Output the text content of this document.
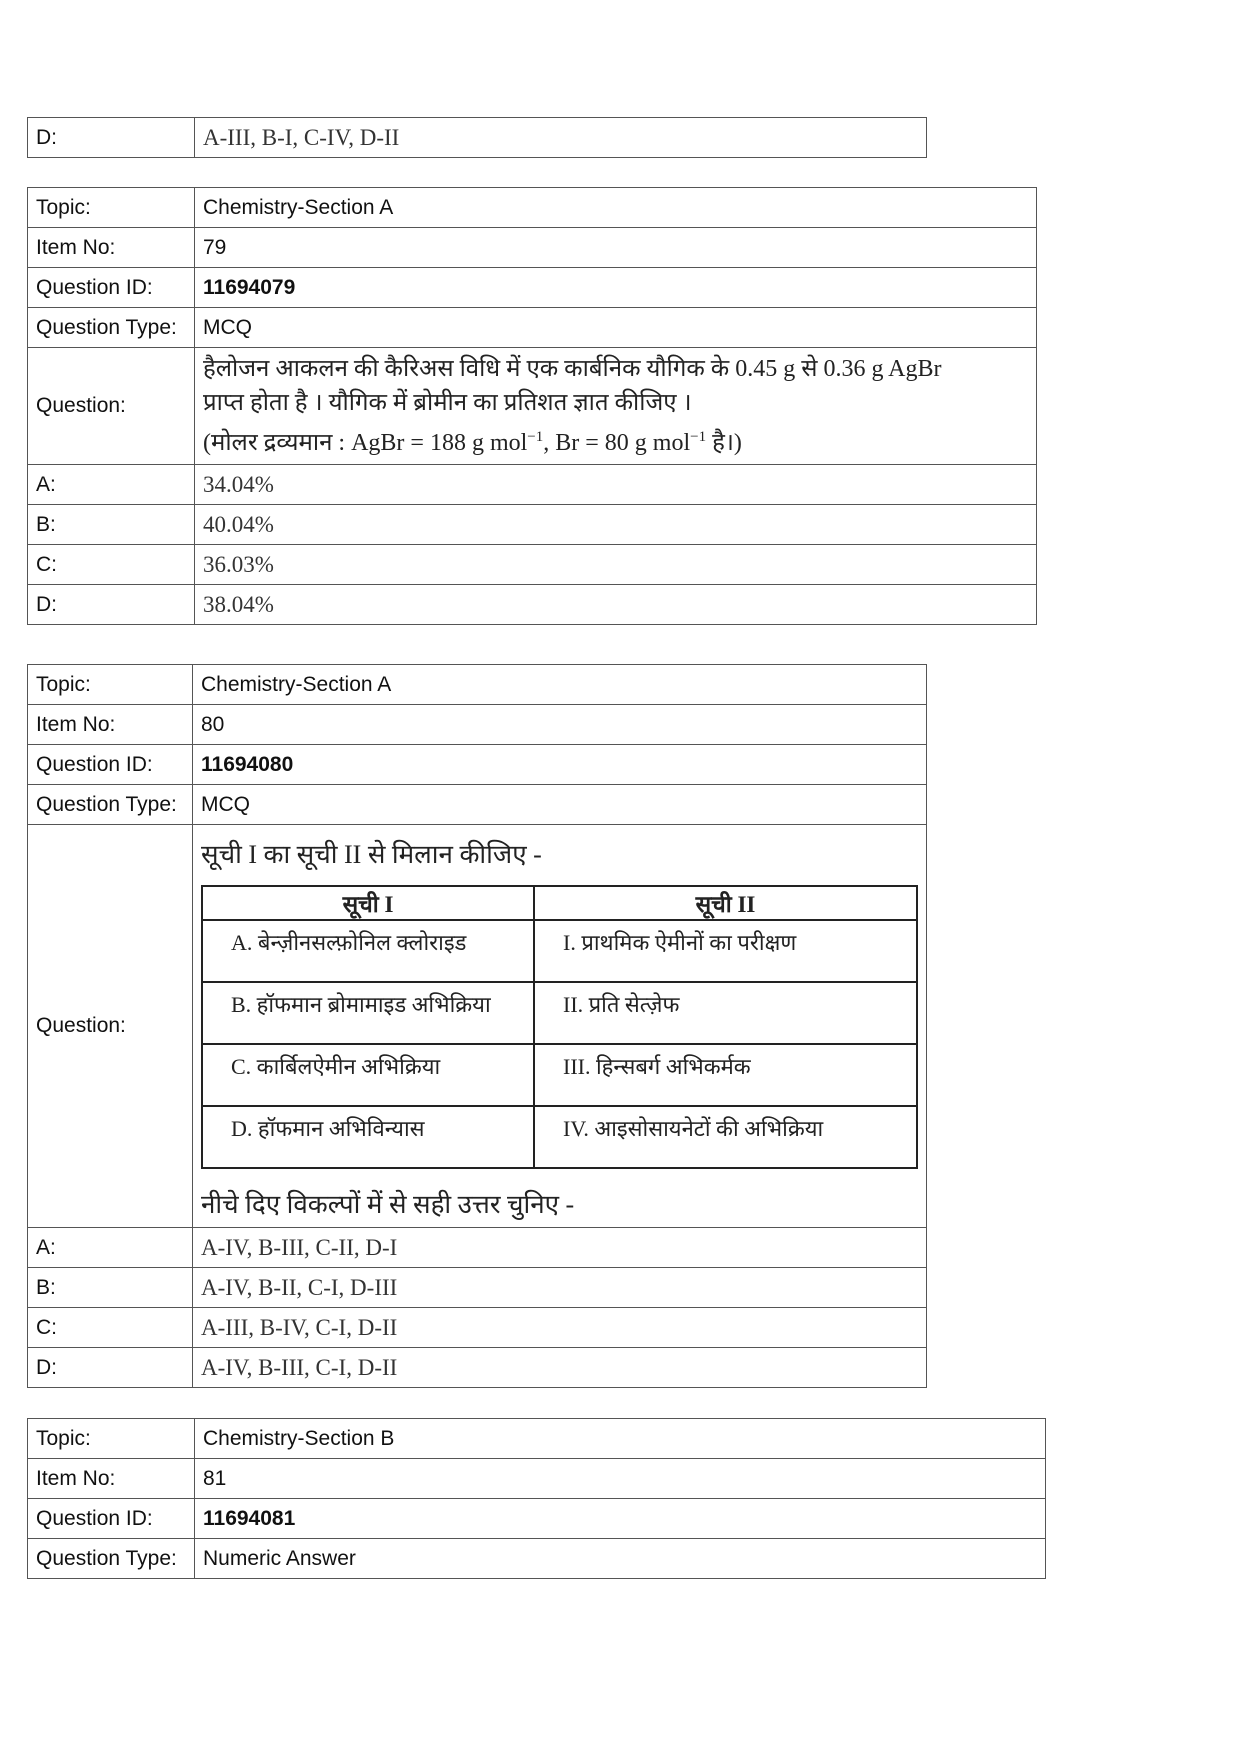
D:	A-III, B-I, C-IV, D-II
Topic:	Chemistry-Section A
Item No:	79
Question ID:	11694079
Question Type:	MCQ
Question:	हैलोजन आकलन की कैरिअस विधि में एक कार्बनिक यौगिक के 0.45 g से 0.36 g AgBr
प्राप्त होता है । यौगिक में ब्रोमीन का प्रतिशत ज्ञात कीजिए ।
(मोलर द्रव्यमान : AgBr = 188 g mol$^{-1}$, Br = 80 g mol$^{-1}$ है।)

A:	34.04%
B:	40.04%
C:	36.03%
D:	38.04%
Topic:	Chemistry-Section A
Item No:	80
Question ID:	11694080
Question Type:	MCQ
Question:	
सूची I का सूची II से मिलान कीजिए -
सूची I	सूची II
A. बेन्ज़ीनसल्फ़ोनिल क्लोराइड	I. प्राथमिक ऐमीनों का परीक्षण
B. हॉफमान ब्रोमामाइड अभिक्रिया	II. प्रति सेत्ज़ेफ
C. कार्बिलऐमीन अभिक्रिया	III. हिन्सबर्ग अभिकर्मक
D. हॉफमान अभिविन्यास	IV. आइसोसायनेटों की अभिक्रिया
नीचे दिए विकल्पों में से सही उत्तर चुनिए -

A:	A-IV, B-III, C-II, D-I
B:	A-IV, B-II, C-I, D-III
C:	A-III, B-IV, C-I, D-II
D:	A-IV, B-III, C-I, D-II
Topic:	Chemistry-Section B
Item No:	81
Question ID:	11694081
Question Type:	Numeric Answer
